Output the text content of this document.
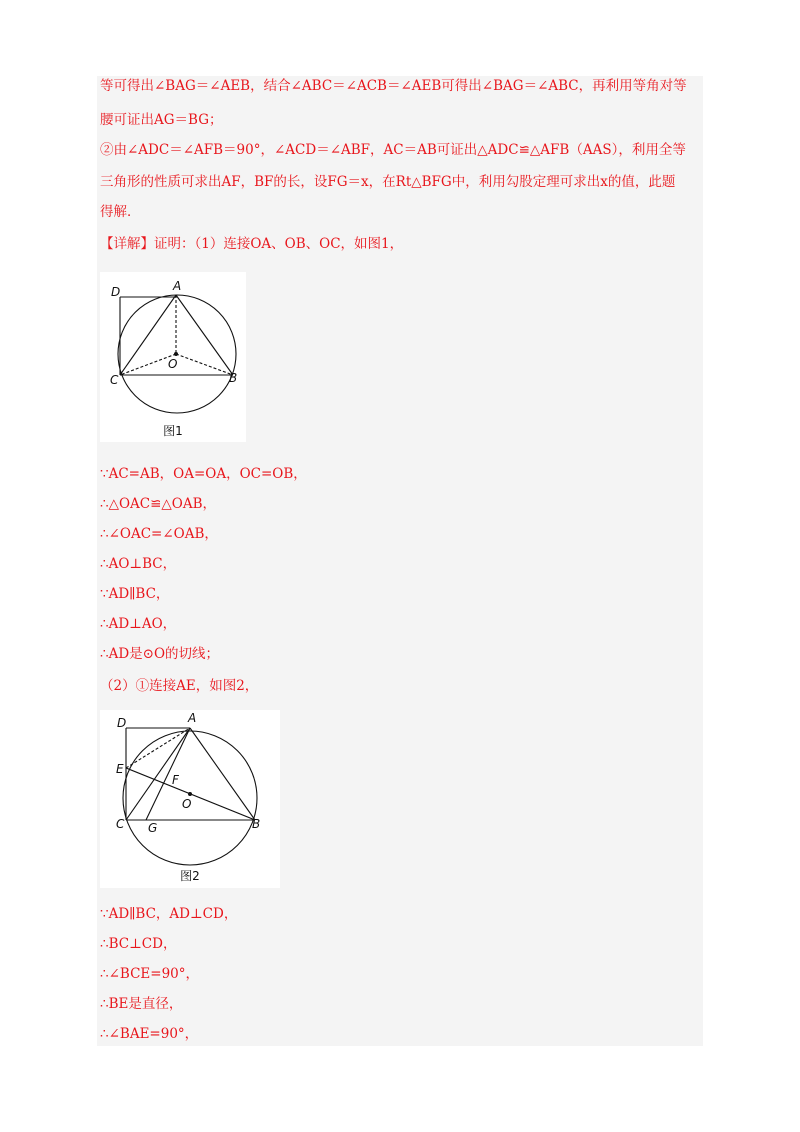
等可得出∠BAG＝∠AEB，结合∠ABC＝∠ACB＝∠AEB可得出∠BAG＝∠ABC，再利用等角对等
腰可证出AG＝BG；
②由∠ADC＝∠AFB＝90°，∠ACD＝∠ABF，AC＝AB可证出△ADC≌△AFB（AAS），利用全等
三角形的性质可求出AF，BF的长，设FG＝x，在Rt△BFG中，利用勾股定理可求出x的值，此题
得解．
【详解】证明：（1）连接OA、OB、OC，如图1，
D	A
O
C	B
图1
∵AC=AB，OA=OA，OC=OB，
∴△OAC≌△OAB，
∴∠OAC=∠OAB，
∴AO⊥BC，
∵AD∥BC，
∴AD⊥AO，
∴AD是⊙O的切线；
（2）①连接AE，如图2，
D	A
E
F
O
C G	B
图2
∵AD∥BC，AD⊥CD，
∴BC⊥CD，
∴∠BCE=90°，
∴BE是直径，
∴∠BAE=90°，
